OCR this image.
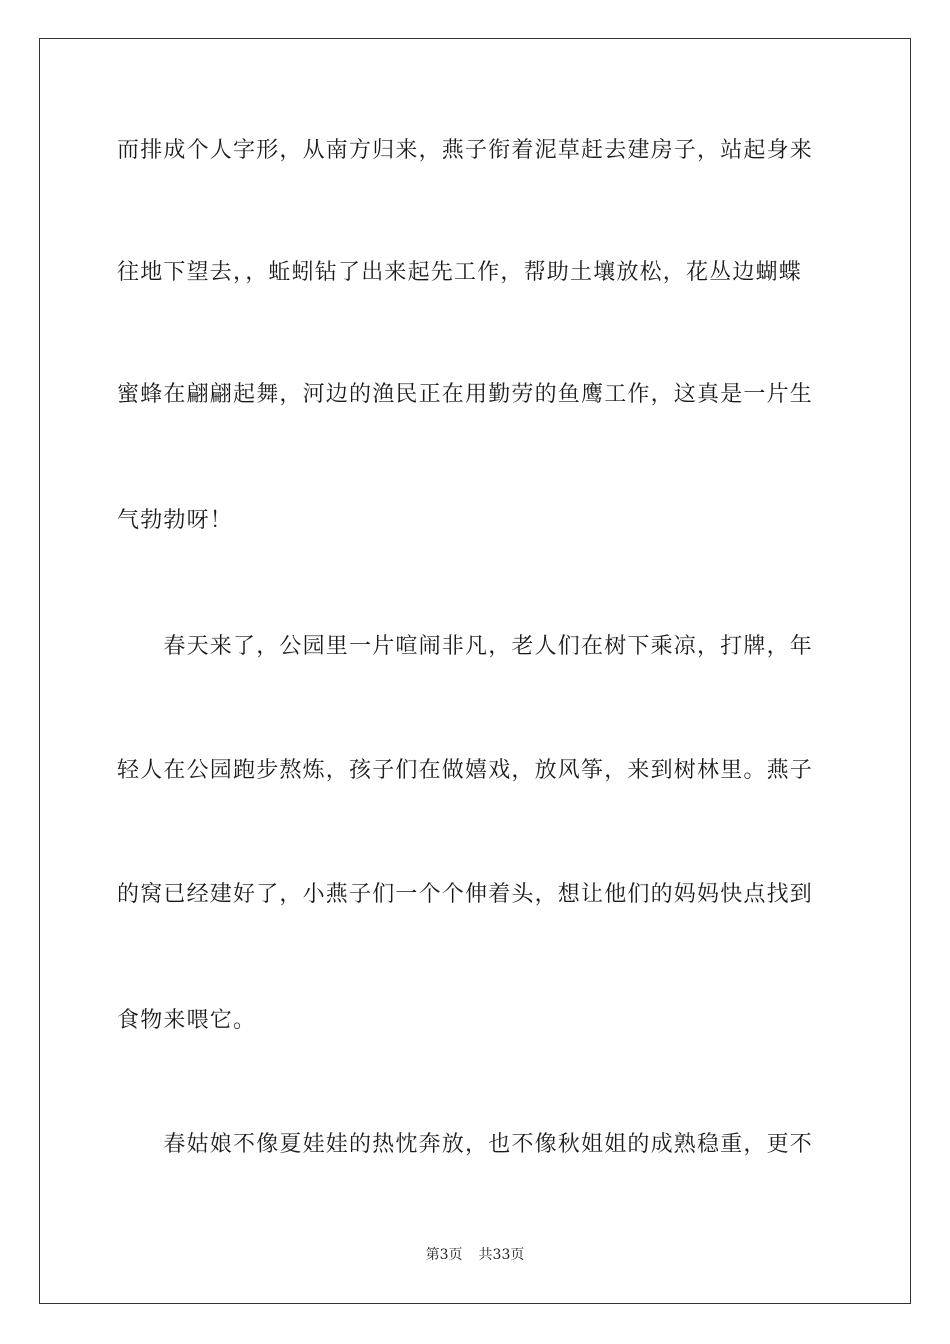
而排成个人字形，从南方归来，燕子衔着泥草赶去建房子，站起身来
往地下望去，，蚯蚓钻了出来起先工作，帮助土壤放松，花丛边蝴蝶
蜜蜂在翩翩起舞，河边的渔民正在用勤劳的鱼鹰工作，这真是一片生
气勃勃呀！
　　春天来了，公园里一片喧闹非凡，老人们在树下乘凉，打牌，年
轻人在公园跑步熬炼，孩子们在做嬉戏，放风筝，来到树林里。燕子
的窝已经建好了，小燕子们一个个伸着头，想让他们的妈妈快点找到
食物来喂它。
　　春姑娘不像夏娃娃的热忱奔放，也不像秋姐姐的成熟稳重，更不
第3页 共33页
